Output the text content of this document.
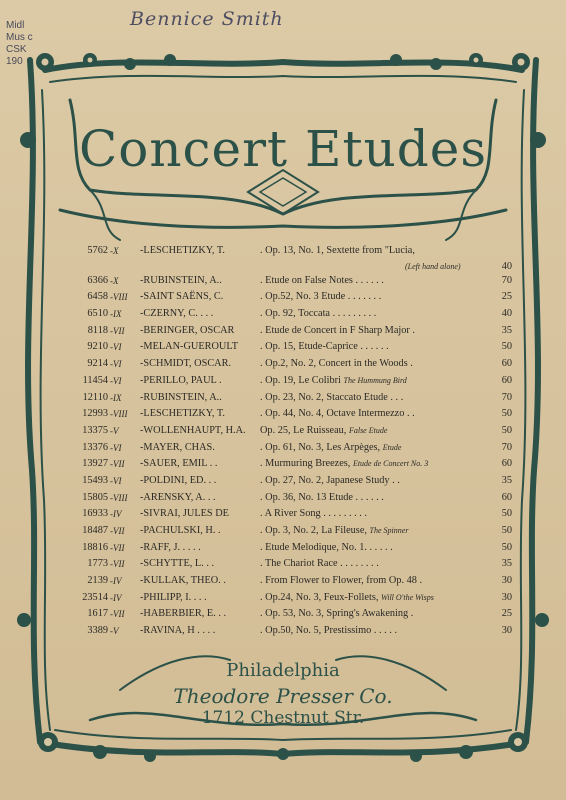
Midl
Mus c
CSK
190
Bennice Smith
Concert Etudes
5762 -X -LESCHETIZKY, T.	. Op. 13, No. 1, Sextette from "Lucia,
(Left hand alone)	40
6366 -X -RUBINSTEIN, A..	. Etude on False Notes . . . . . .	70
6458 -VIII -SAINT SAËNS, C.	. Op.52, No. 3 Etude . . . . . . .	25
6510 -IX -CZERNY, C. . . .	. Op. 92, Toccata . . . . . . . . .	40
8118 -VII -BERINGER, OSCAR . Etude de Concert in F Sharp Major .	35
9210 -VI -MELAN-GUEROULT . Op. 15, Etude-Caprice . . . . . .	50
9214 -VI -SCHMIDT, OSCAR.	. Op.2, No. 2, Concert in the Woods .	60
11454 -VI -PERILLO, PAUL .	. Op. 19, Le Colibri The Hummung Bird	60
12110 -IX -RUBINSTEIN, A..	. Op. 23, No. 2, Staccato Etude . . .	70
12993 -VIII -LESCHETIZKY, T.	. Op. 44, No. 4, Octave Intermezzo . .	50
13375 -V -WOLLENHAUPT, H.A. Op. 25, Le Ruisseau, False Etude	50
13376 -VI -MAYER, CHAS.	. Op. 61, No. 3, Les Arpèges, Etude	70
13927 -VII -SAUER, EMIL . .	. Murmuring Breezes, Etude de Concert No. 3	60
15493 -VI -POLDINI, ED. . .	. Op. 27, No. 2, Japanese Study . .	35
15805 -VIII -ARENSKY, A. . .	. Op. 36, No. 13 Etude . . . . . .	60
16933 -IV -SIVRAI, JULES DE	. A River Song . . . . . . . . .	50
18487 -VII -PACHULSKI, H. .	. Op. 3, No. 2, La Fileuse, The Spinner	50
18816 -VII -RAFF, J. . . . .	. Etude Melodique, No. 1. . . . . .	50
1773 -VII -SCHYTTE, L. . .	. The Chariot Race . . . . . . . .	35
2139 -IV -KULLAK, THEO. .	. From Flower to Flower, from Op. 48 .	30
23514 -IV -PHILIPP, I. . . .	. Op.24, No. 3, Feux-Follets, Will O'the Wisps	30
1617 -VII -HABERBIER, E. . .	. Op. 53, No. 3, Spring's Awakening .	25
3389 -V -RAVINA, H . . . .	. Op.50, No. 5, Prestissimo . . . . .	30
Philadelphia
Theodore Presser Co.
1712 Chestnut Str.
